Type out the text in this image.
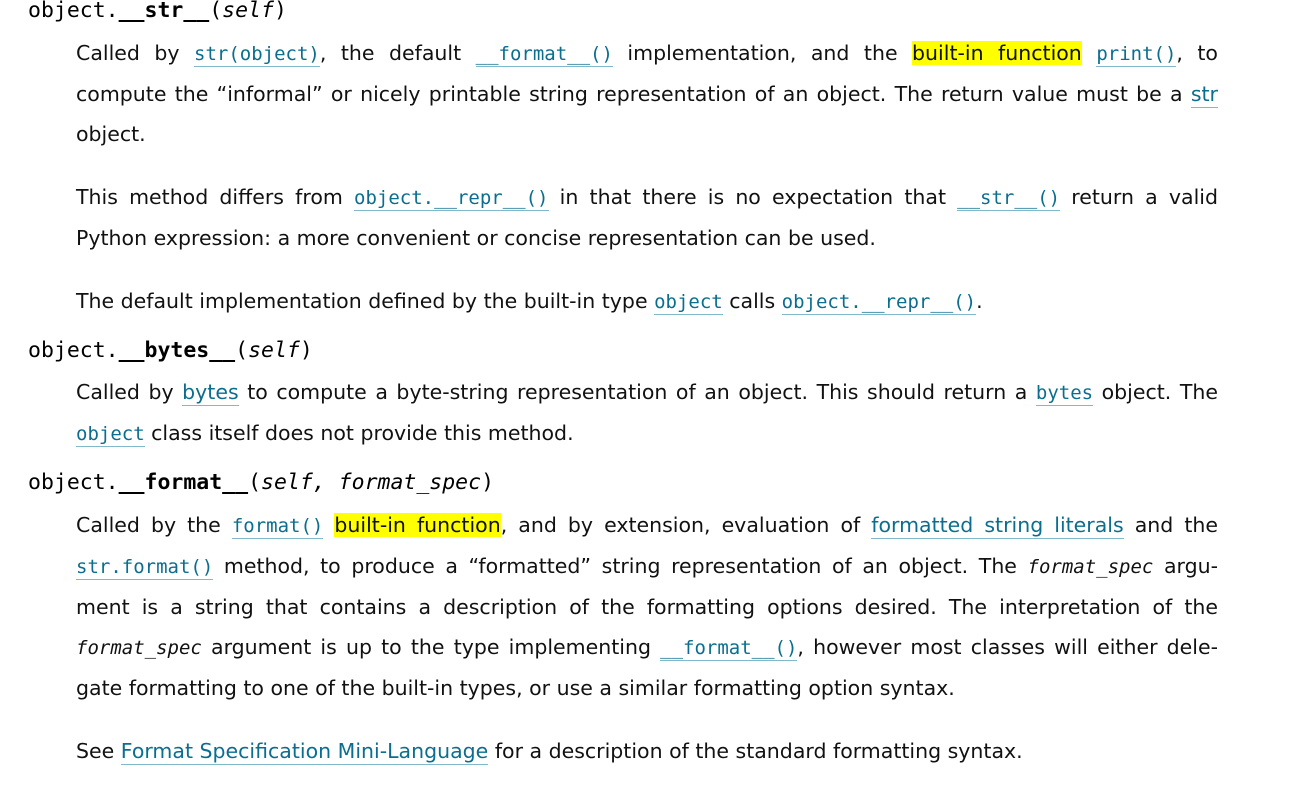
object.__str__(self)

Called by str(object), the default __format__() implementation, and the built-in function print(), to compute the “informal” or nicely printable string representation of an object. The return value must be a str object.

This method differs from object.__repr__() in that there is no expectation that __str__() return a valid Python expression: a more convenient or concise representation can be used.

The default implementation defined by the built-in type object calls object.__repr__().

object.__bytes__(self)

Called by bytes to compute a byte-string representation of an object. This should return a bytes object. The object class itself does not provide this method.

object.__format__(self, format_spec)

Called by the format() built-in function, and by extension, evaluation of formatted string literals and the str.format() method, to produce a “formatted” string representation of an object. The format_spec argu-ment is a string that contains a description of the formatting options desired. The interpretation of the format_spec argument is up to the type implementing __format__(), however most classes will either dele-gate formatting to one of the built-in types, or use a similar formatting option syntax.

See Format Specification Mini-Language for a description of the standard formatting syntax.
